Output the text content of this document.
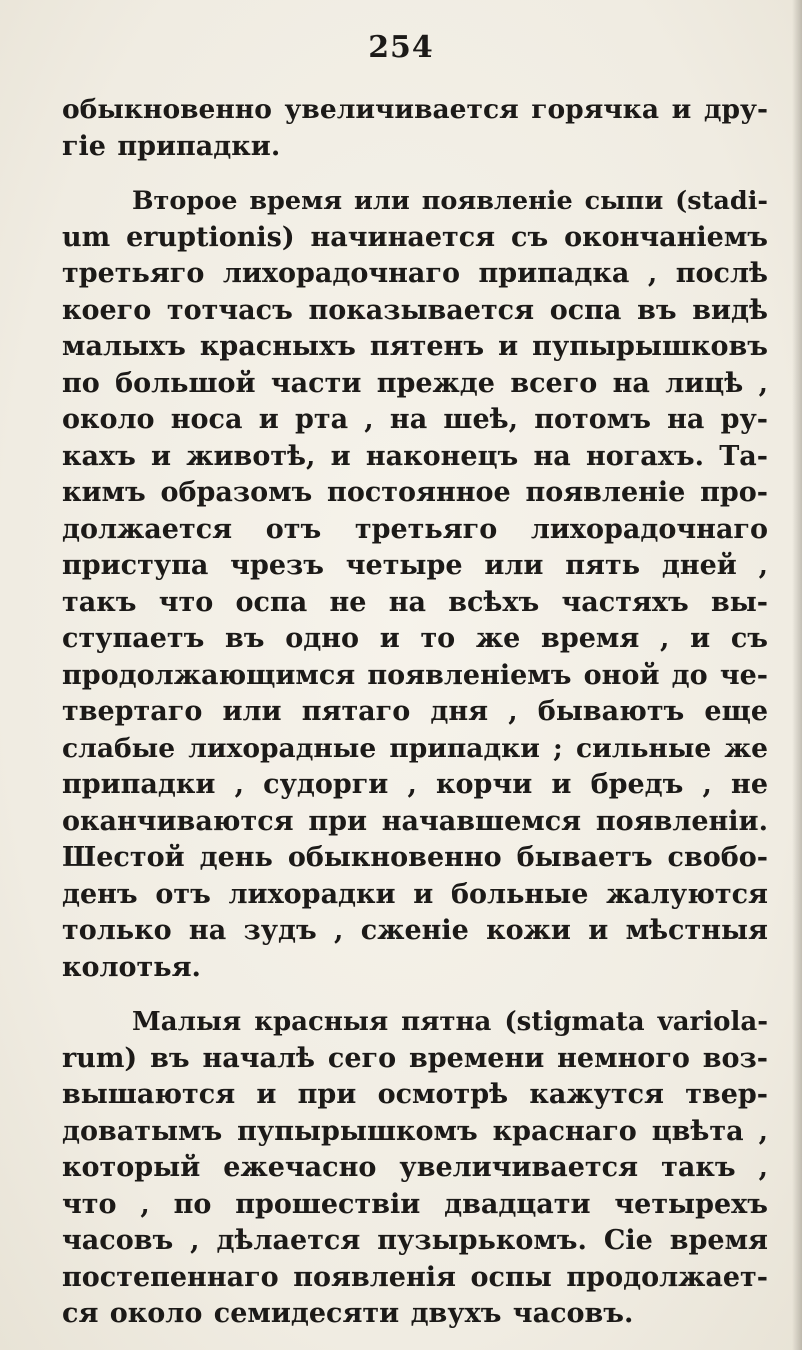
254
обыкновенно увеличивается горячка и дру-
гіе припадки.
Второе время или появленіе сыпи (stadi-
um eruptionis) начинается съ окончаніемъ
третьяго лихорадочнаго припадка , послѣ
коего тотчасъ показывается оспа въ видѣ
малыхъ красныхъ пятенъ и пупырышковъ
по большой части прежде всего на лицѣ ,
около носа и рта , на шеѣ, потомъ на ру-
кахъ и животѣ, и наконецъ на ногахъ. Та-
кимъ образомъ постоянное появленіе про-
должается отъ третьяго лихорадочнаго
приступа чрезъ четыре или пять дней ,
такъ что оспа не на всѣхъ частяхъ вы-
ступаетъ въ одно и то же время , и съ
продолжающимся появленіемъ оной до че-
твертаго или пятаго дня , бываютъ еще
слабые лихорадные припадки ; сильные же
припадки , судорги , корчи и бредъ , не
оканчиваются при начавшемся появленіи.
Шестой день обыкновенно бываетъ свобо-
денъ отъ лихорадки и больные жалуются
только на зудъ , сженіе кожи и мѣстныя
колотья.
Малыя красныя пятна (stigmata variola-
rum) въ началѣ сего времени немного воз-
вышаются и при осмотрѣ кажутся твер-
доватымъ пупырышкомъ краснаго цвѣта ,
который ежечасно увеличивается такъ ,
что , по прошествіи двадцати четырехъ
часовъ , дѣлается пузырькомъ. Сіе время
постепеннаго появленія оспы продолжает-
ся около семидесяти двухъ часовъ.
